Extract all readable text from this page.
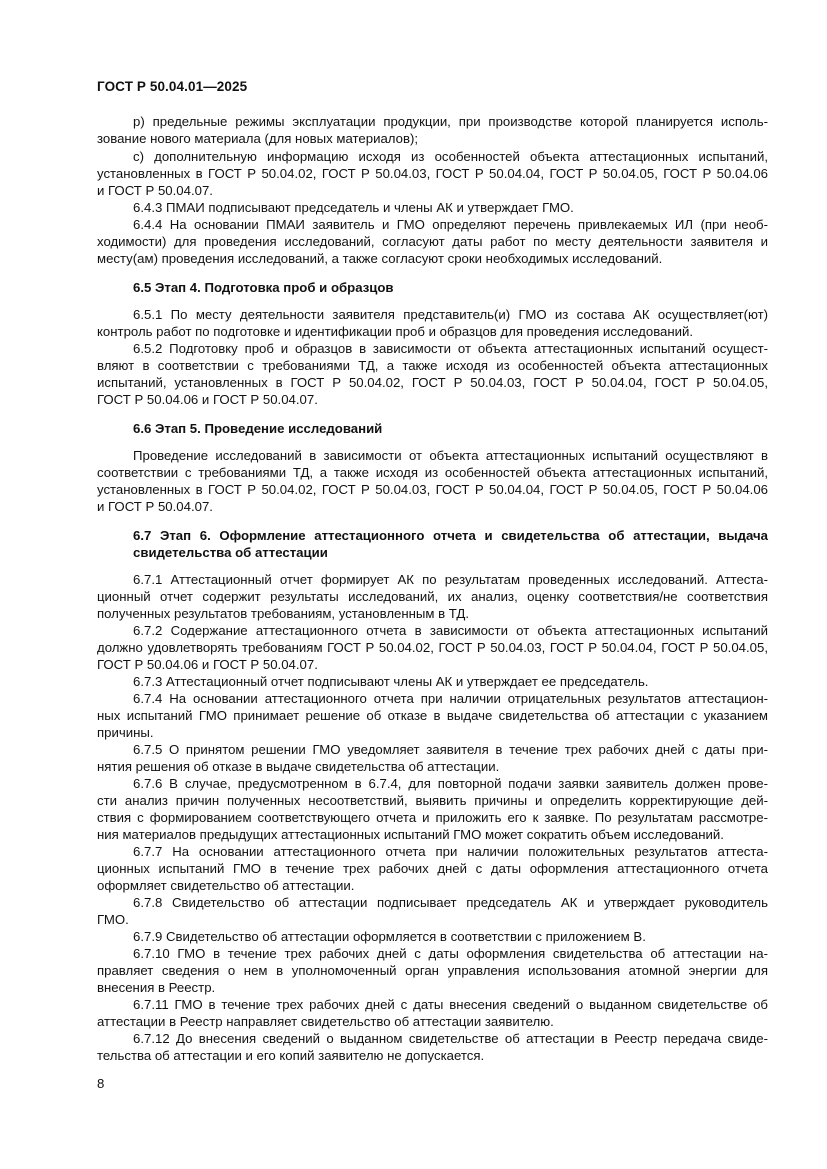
ГОСТ Р 50.04.01—2025
р) предельные режимы эксплуатации продукции, при производстве которой планируется исполь-
зование нового материала (для новых материалов);
с) дополнительную информацию исходя из особенностей объекта аттестационных испытаний,
установленных в ГОСТ Р 50.04.02, ГОСТ Р 50.04.03, ГОСТ Р 50.04.04, ГОСТ Р 50.04.05, ГОСТ Р 50.04.06
и ГОСТ Р 50.04.07.
6.4.3 ПМАИ подписывают председатель и члены АК и утверждает ГМО.
6.4.4 На основании ПМАИ заявитель и ГМО определяют перечень привлекаемых ИЛ (при необ-
ходимости) для проведения исследований, согласуют даты работ по месту деятельности заявителя и
месту(ам) проведения исследований, а также согласуют сроки необходимых исследований.
6.5 Этап 4. Подготовка проб и образцов
6.5.1 По месту деятельности заявителя представитель(и) ГМО из состава АК осуществляет(ют)
контроль работ по подготовке и идентификации проб и образцов для проведения исследований.
6.5.2 Подготовку проб и образцов в зависимости от объекта аттестационных испытаний осущест-
вляют в соответствии с требованиями ТД, а также исходя из особенностей объекта аттестационных
испытаний, установленных в ГОСТ Р 50.04.02, ГОСТ Р 50.04.03, ГОСТ Р 50.04.04, ГОСТ Р 50.04.05,
ГОСТ Р 50.04.06 и ГОСТ Р 50.04.07.
6.6 Этап 5. Проведение исследований
Проведение исследований в зависимости от объекта аттестационных испытаний осуществляют в
соответствии с требованиями ТД, а также исходя из особенностей объекта аттестационных испытаний,
установленных в ГОСТ Р 50.04.02, ГОСТ Р 50.04.03, ГОСТ Р 50.04.04, ГОСТ Р 50.04.05, ГОСТ Р 50.04.06
и ГОСТ Р 50.04.07.
6.7 Этап 6. Оформление аттестационного отчета и свидетельства об аттестации, выдача
свидетельства об аттестации
6.7.1 Аттестационный отчет формирует АК по результатам проведенных исследований. Аттеста-
ционный отчет содержит результаты исследований, их анализ, оценку соответствия/не соответствия
полученных результатов требованиям, установленным в ТД.
6.7.2 Содержание аттестационного отчета в зависимости от объекта аттестационных испытаний
должно удовлетворять требованиям ГОСТ Р 50.04.02, ГОСТ Р 50.04.03, ГОСТ Р 50.04.04, ГОСТ Р 50.04.05,
ГОСТ Р 50.04.06 и ГОСТ Р 50.04.07.
6.7.3 Аттестационный отчет подписывают члены АК и утверждает ее председатель.
6.7.4 На основании аттестационного отчета при наличии отрицательных результатов аттестацион-
ных испытаний ГМО принимает решение об отказе в выдаче свидетельства об аттестации с указанием
причины.
6.7.5 О принятом решении ГМО уведомляет заявителя в течение трех рабочих дней с даты при-
нятия решения об отказе в выдаче свидетельства об аттестации.
6.7.6 В случае, предусмотренном в 6.7.4, для повторной подачи заявки заявитель должен прове-
сти анализ причин полученных несоответствий, выявить причины и определить корректирующие дей-
ствия с формированием соответствующего отчета и приложить его к заявке. По результатам рассмотре-
ния материалов предыдущих аттестационных испытаний ГМО может сократить объем исследований.
6.7.7 На основании аттестационного отчета при наличии положительных результатов аттеста-
ционных испытаний ГМО в течение трех рабочих дней с даты оформления аттестационного отчета
оформляет свидетельство об аттестации.
6.7.8 Свидетельство об аттестации подписывает председатель АК и утверждает руководитель
ГМО.
6.7.9 Свидетельство об аттестации оформляется в соответствии с приложением В.
6.7.10 ГМО в течение трех рабочих дней с даты оформления свидетельства об аттестации на-
правляет сведения о нем в уполномоченный орган управления использования атомной энергии для
внесения в Реестр.
6.7.11 ГМО в течение трех рабочих дней с даты внесения сведений о выданном свидетельстве об
аттестации в Реестр направляет свидетельство об аттестации заявителю.
6.7.12 До внесения сведений о выданном свидетельстве об аттестации в Реестр передача свиде-
тельства об аттестации и его копий заявителю не допускается.
8
